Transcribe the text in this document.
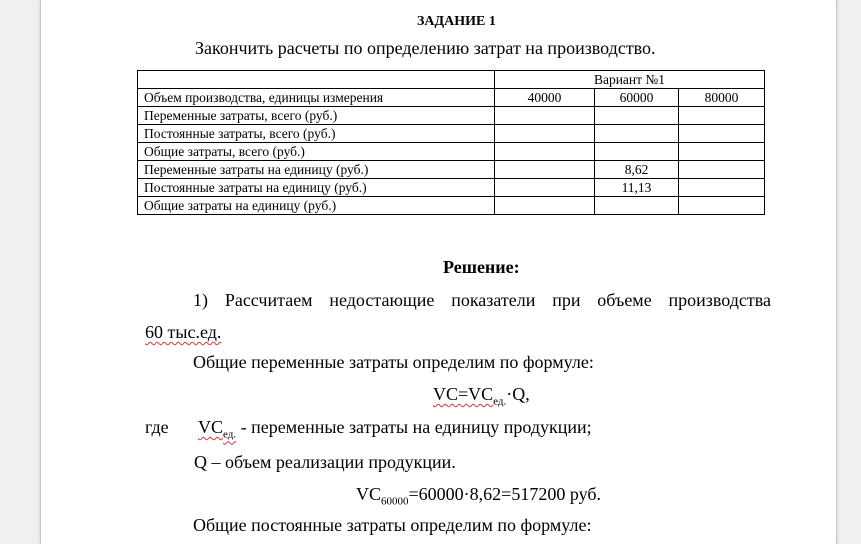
ЗАДАНИЕ 1
Закончить расчеты по определению затрат на производство.
	Вариант №1		
Объем производства, единицы измерения	40000	60000	80000
Переменные затраты, всего (руб.)			
Постоянные затраты, всего (руб.)			
Общие затраты, всего (руб.)			
Переменные затраты на единицу (руб.)		8,62	
Постоянные затраты на единицу (руб.)		11,13	
Общие затраты на единицу (руб.)			
Решение:
1) Рассчитаем недостающие показатели при объеме производства
60 тыс.ед.
Общие переменные затраты определим по формуле:
$VC=VC_{ед.}\cdot Q$,
где $VC_{ед.}$ - переменные затраты на единицу продукции;
Q – объем реализации продукции.
$VC_{60000}=60000\cdot 8,62=517200$ руб.
Общие постоянные затраты определим по формуле:
